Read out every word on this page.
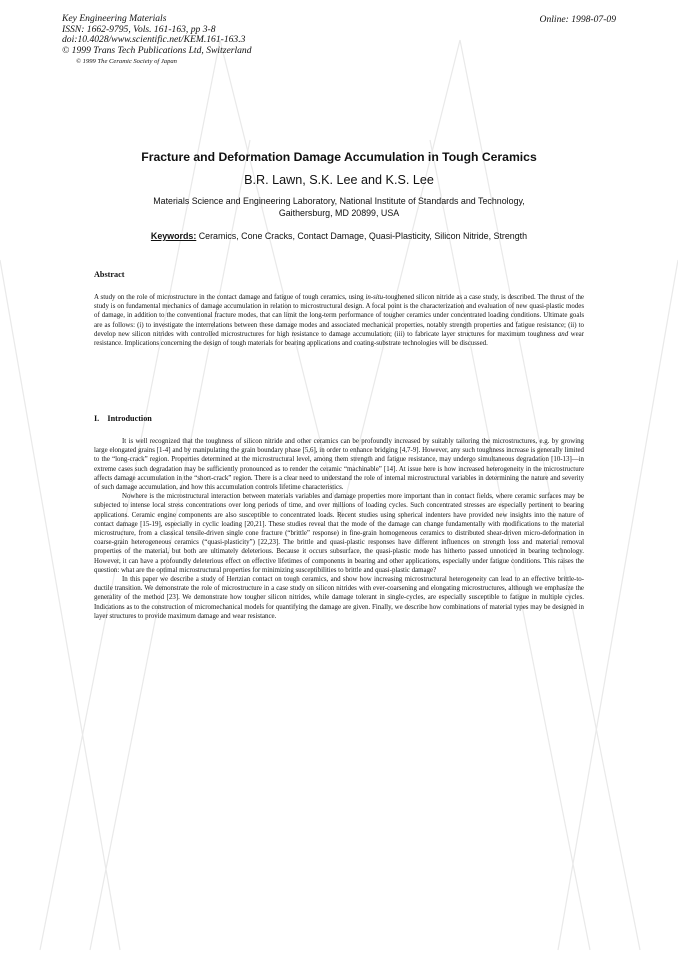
Key Engineering Materials
ISSN: 1662-9795, Vols. 161-163, pp 3-8
doi:10.4028/www.scientific.net/KEM.161-163.3
© 1999 Trans Tech Publications Ltd, Switzerland
© 1999 The Ceramic Society of Japan
Online: 1998-07-09
Fracture and Deformation Damage Accumulation in Tough Ceramics
B.R. Lawn, S.K. Lee and K.S. Lee
Materials Science and Engineering Laboratory, National Institute of Standards and Technology,
Gaithersburg, MD 20899, USA
Keywords: Ceramics, Cone Cracks, Contact Damage, Quasi-Plasticity, Silicon Nitride, Strength
Abstract

A study on the role of microstructure in the contact damage and fatigue of tough ceramics, using in-situ-toughened silicon nitride as a case study, is described. The thrust of the study is on fundamental mechanics of damage accumulation in relation to microstructural design. A focal point is the characterization and evaluation of new quasi-plastic modes of damage, in addition to the conventional fracture modes, that can limit the long-term performance of tougher ceramics under concentrated loading conditions. Ultimate goals are as follows: (i) to investigate the interrelations between these damage modes and associated mechanical properties, notably strength properties and fatigue resistance; (ii) to develop new silicon nitrides with controlled microstructures for high resistance to damage accumulation; (iii) to fabricate layer structures for maximum toughness and wear resistance. Implications concerning the design of tough materials for bearing applications and coating-substrate technologies will be discussed.

I. Introduction

It is well recognized that the toughness of silicon nitride and other ceramics can be profoundly increased by suitably tailoring the microstructures, e.g. by growing large elongated grains [1-4] and by manipulating the grain boundary phase [5,6], in order to enhance bridging [4,7-9]. However, any such toughness increase is generally limited to the “long-crack” region. Properties determined at the microstructural level, among them strength and fatigue resistance, may undergo simultaneous degradation [10-13]—in extreme cases such degradation may be sufficiently pronounced as to render the ceramic “machinable” [14]. At issue here is how increased heterogeneity in the microstructure affects damage accumulation in the “short-crack” region. There is a clear need to understand the role of internal microstructural variables in determining the nature and severity of such damage accumulation, and how this accumulation controls lifetime characteristics.

Nowhere is the microstructural interaction between materials variables and damage properties more important than in contact fields, where ceramic surfaces may be subjected to intense local stress concentrations over long periods of time, and over millions of loading cycles. Such concentrated stresses are especially pertinent to bearing applications. Ceramic engine components are also susceptible to concentrated loads. Recent studies using spherical indenters have provided new insights into the nature of contact damage [15-19], especially in cyclic loading [20,21]. These studies reveal that the mode of the damage can change fundamentally with modifications to the material microstructure, from a classical tensile-driven single cone fracture (“brittle” response) in fine-grain homogeneous ceramics to distributed shear-driven micro-deformation in coarse-grain heterogeneous ceramics (“quasi-plasticity”) [22,23]. The brittle and quasi-plastic responses have different influences on strength loss and material removal properties of the material, but both are ultimately deleterious. Because it occurs subsurface, the quasi-plastic mode has hitherto passed unnoticed in bearing technology. However, it can have a profoundly deleterious effect on effective lifetimes of components in bearing and other applications, especially under fatigue conditions. This raises the question: what are the optimal microstructural properties for minimizing susceptibilities to brittle and quasi-plastic damage?

In this paper we describe a study of Hertzian contact on tough ceramics, and show how increasing microstructural heterogeneity can lead to an effective brittle-to-ductile transition. We demonstrate the role of microstructure in a case study on silicon nitrides with ever-coarsening and elongating microstructures, although we emphasize the generality of the method [23]. We demonstrate how tougher silicon nitrides, while damage tolerant in single-cycles, are especially susceptible to fatigue in multiple cycles. Indications as to the construction of micromechanical models for quantifying the damage are given. Finally, we describe how combinations of material types may be designed in layer structures to provide maximum damage and wear resistance.
